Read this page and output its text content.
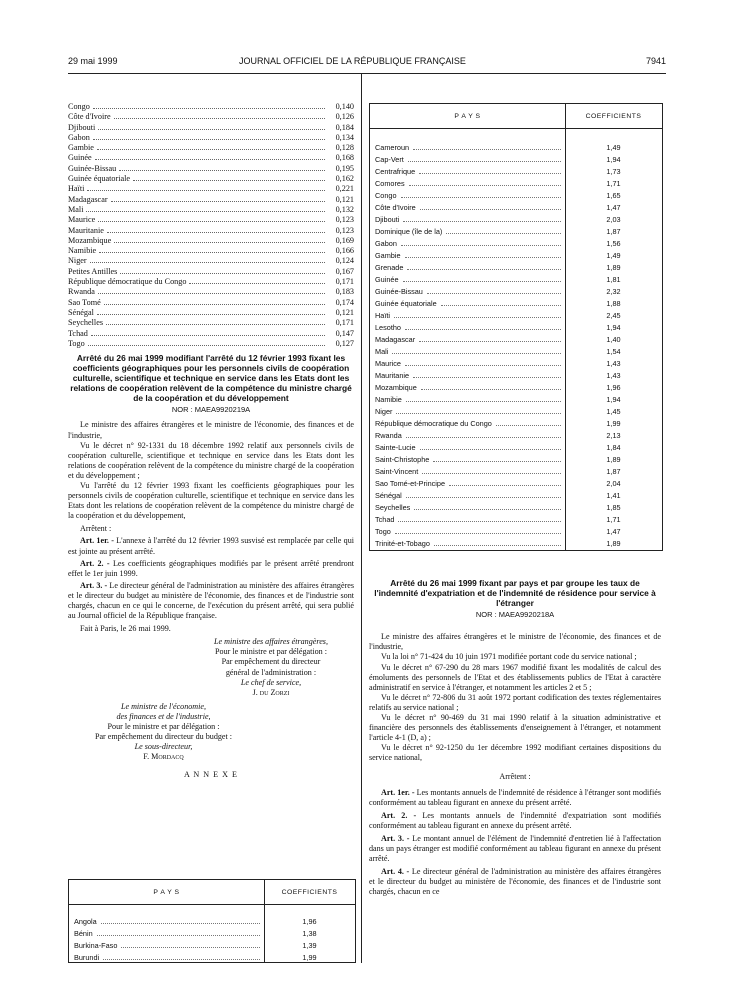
29 mai 1999	JOURNAL OFFICIEL DE LA RÉPUBLIQUE FRANÇAISE	7941
Congo	0,140
Côte d'Ivoire	0,126
Djibouti	0,184
Gabon	0,134
Gambie	0,128
Guinée	0,168
Guinée-Bissau	0,195
Guinée équatoriale	0,162
Haïti	0,221
Madagascar	0,121
Mali	0,132
Maurice	0,123
Mauritanie	0,123
Mozambique	0,169
Namibie	0,166
Niger	0,124
Petites Antilles	0,167
République démocratique du Congo	0,171
Rwanda	0,183
Sao Tomé	0,174
Sénégal	0,121
Seychelles	0,171
Tchad	0,147
Togo	0,127
Arrêté du 26 mai 1999 modifiant l'arrêté du 12 février 1993 fixant les coefficients géographiques pour les personnels civils de coopération culturelle, scientifique et technique en service dans les Etats dont les relations de coopération relèvent de la compétence du ministre chargé de la coopération et du développement
NOR : MAEA9920219A

Le ministre des affaires étrangères et le ministre de l'économie, des finances et de l'industrie,

Vu le décret n° 92-1331 du 18 décembre 1992 relatif aux personnels civils de coopération culturelle, scientifique et technique en service dans les Etats dont les relations de coopération relèvent de la compétence du ministre chargé de la coopération et du développement ;

Vu l'arrêté du 12 février 1993 fixant les coefficients géographiques pour les personnels civils de coopération culturelle, scientifique et technique en service dans les Etats dont les relations de coopération relèvent de la compétence du ministre chargé de la coopération et du développement,

Arrêtent :

Art. 1er. - L'annexe à l'arrêté du 12 février 1993 susvisé est remplacée par celle qui est jointe au présent arrêté.

Art. 2. - Les coefficients géographiques modifiés par le présent arrêté prendront effet le 1er juin 1999.

Art. 3. - Le directeur général de l'administration au ministère des affaires étrangères et le directeur du budget au ministère de l'économie, des finances et de l'industrie sont chargés, chacun en ce qui le concerne, de l'exécution du présent arrêté, qui sera publié au Journal officiel de la République française.

Fait à Paris, le 26 mai 1999.

Le ministre des affaires étrangères,
Pour le ministre et par délégation :
Par empêchement du directeur
général de l'administration :
Le chef de service,
J. du Zorzi
Le ministre de l'économie,
des finances et de l'industrie,
Pour le ministre et par délégation :
Par empêchement du directeur du budget :
Le sous-directeur,
F. Mordacq
A N N E X E
P A Y S	COEFFICIENTS
Angola	1,96
Bénin	1,38
Burkina-Faso	1,39
Burundi	1,99
P A Y S	COEFFICIENTS
Cameroun	1,49
Cap-Vert	1,94
Centrafrique	1,73
Comores	1,71
Congo	1,65
Côte d'Ivoire	1,47
Djibouti	2,03
Dominique (île de la)	1,87
Gabon	1,56
Gambie	1,49
Grenade	1,89
Guinée	1,81
Guinée-Bissau	2,32
Guinée équatoriale	1,88
Haïti	2,45
Lesotho	1,94
Madagascar	1,40
Mali	1,54
Maurice	1,43
Mauritanie	1,43
Mozambique	1,96
Namibie	1,94
Niger	1,45
République démocratique du Congo	1,99
Rwanda	2,13
Sainte-Lucie	1,84
Saint-Christophe	1,89
Saint-Vincent	1,87
Sao Tomé-et-Principe	2,04
Sénégal	1,41
Seychelles	1,85
Tchad	1,71
Togo	1,47
Trinité-et-Tobago	1,89
Arrêté du 26 mai 1999 fixant par pays et par groupe les taux de l'indemnité d'expatriation et de l'indemnité de résidence pour service à l'étranger
NOR : MAEA9920218A

Le ministre des affaires étrangères et le ministre de l'économie, des finances et de l'industrie,

Vu la loi n° 71-424 du 10 juin 1971 modifiée portant code du service national ;

Vu le décret n° 67-290 du 28 mars 1967 modifié fixant les modalités de calcul des émoluments des personnels de l'Etat et des établissements publics de l'Etat à caractère administratif en service à l'étranger, et notamment les articles 2 et 5 ;

Vu le décret n° 72-806 du 31 août 1972 portant codification des textes réglementaires relatifs au service national ;

Vu le décret n° 90-469 du 31 mai 1990 relatif à la situation administrative et financière des personnels des établissements d'enseignement à l'étranger, et notamment l'article 4-1 (D, a) ;

Vu le décret n° 92-1250 du 1er décembre 1992 modifiant certaines dispositions du service national,

Arrêtent :

Art. 1er. - Les montants annuels de l'indemnité de résidence à l'étranger sont modifiés conformément au tableau figurant en annexe du présent arrêté.

Art. 2. - Les montants annuels de l'indemnité d'expatriation sont modifiés conformément au tableau figurant en annexe du présent arrêté.

Art. 3. - Le montant annuel de l'élément de l'indemnité d'entretien lié à l'affectation dans un pays étranger est modifié conformément au tableau figurant en annexe du présent arrêté.

Art. 4. - Le directeur général de l'administration au ministère des affaires étrangères et le directeur du budget au ministère de l'économie, des finances et de l'industrie sont chargés, chacun en ce
